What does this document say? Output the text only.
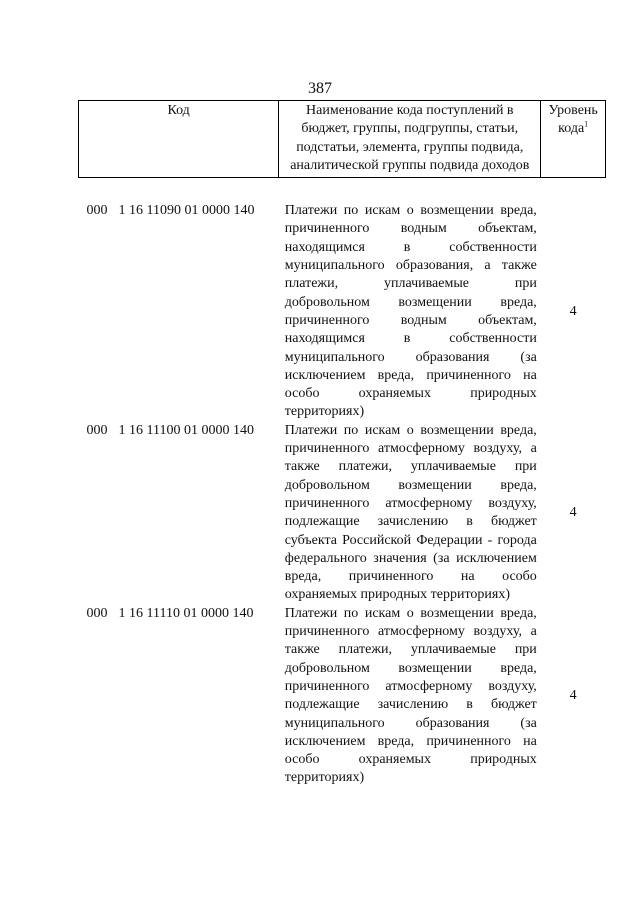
387
Код	Наименование кода поступлений в бюджет, группы, подгруппы, статьи, подстатьи, элемента, группы подвида, аналитической группы подвида доходов	Уровень кода$^1$

000 1 16 11090 01 0000 140	Платежи по искам о возмещении вреда, причиненного водным объектам, находящимся в собственности муниципального образования, а также платежи, уплачиваемые при добровольном возмещении вреда, причиненного водным объектам, находящимся в собственности муниципального образования (за исключением вреда, причиненного на особо охраняемых природных территориях)	4
000 1 16 11100 01 0000 140	Платежи по искам о возмещении вреда, причиненного атмосферному воздуху, а также платежи, уплачиваемые при добровольном возмещении вреда, причиненного атмосферному воздуху, подлежащие зачислению в бюджет субъекта Российской Федерации - города федерального значения (за исключением вреда, причиненного на особо охраняемых природных территориях)	4
000 1 16 11110 01 0000 140	Платежи по искам о возмещении вреда, причиненного атмосферному воздуху, а также платежи, уплачиваемые при добровольном возмещении вреда, причиненного атмосферному воздуху, подлежащие зачислению в бюджет муниципального образования (за исключением вреда, причиненного на особо охраняемых природных территориях)	4
